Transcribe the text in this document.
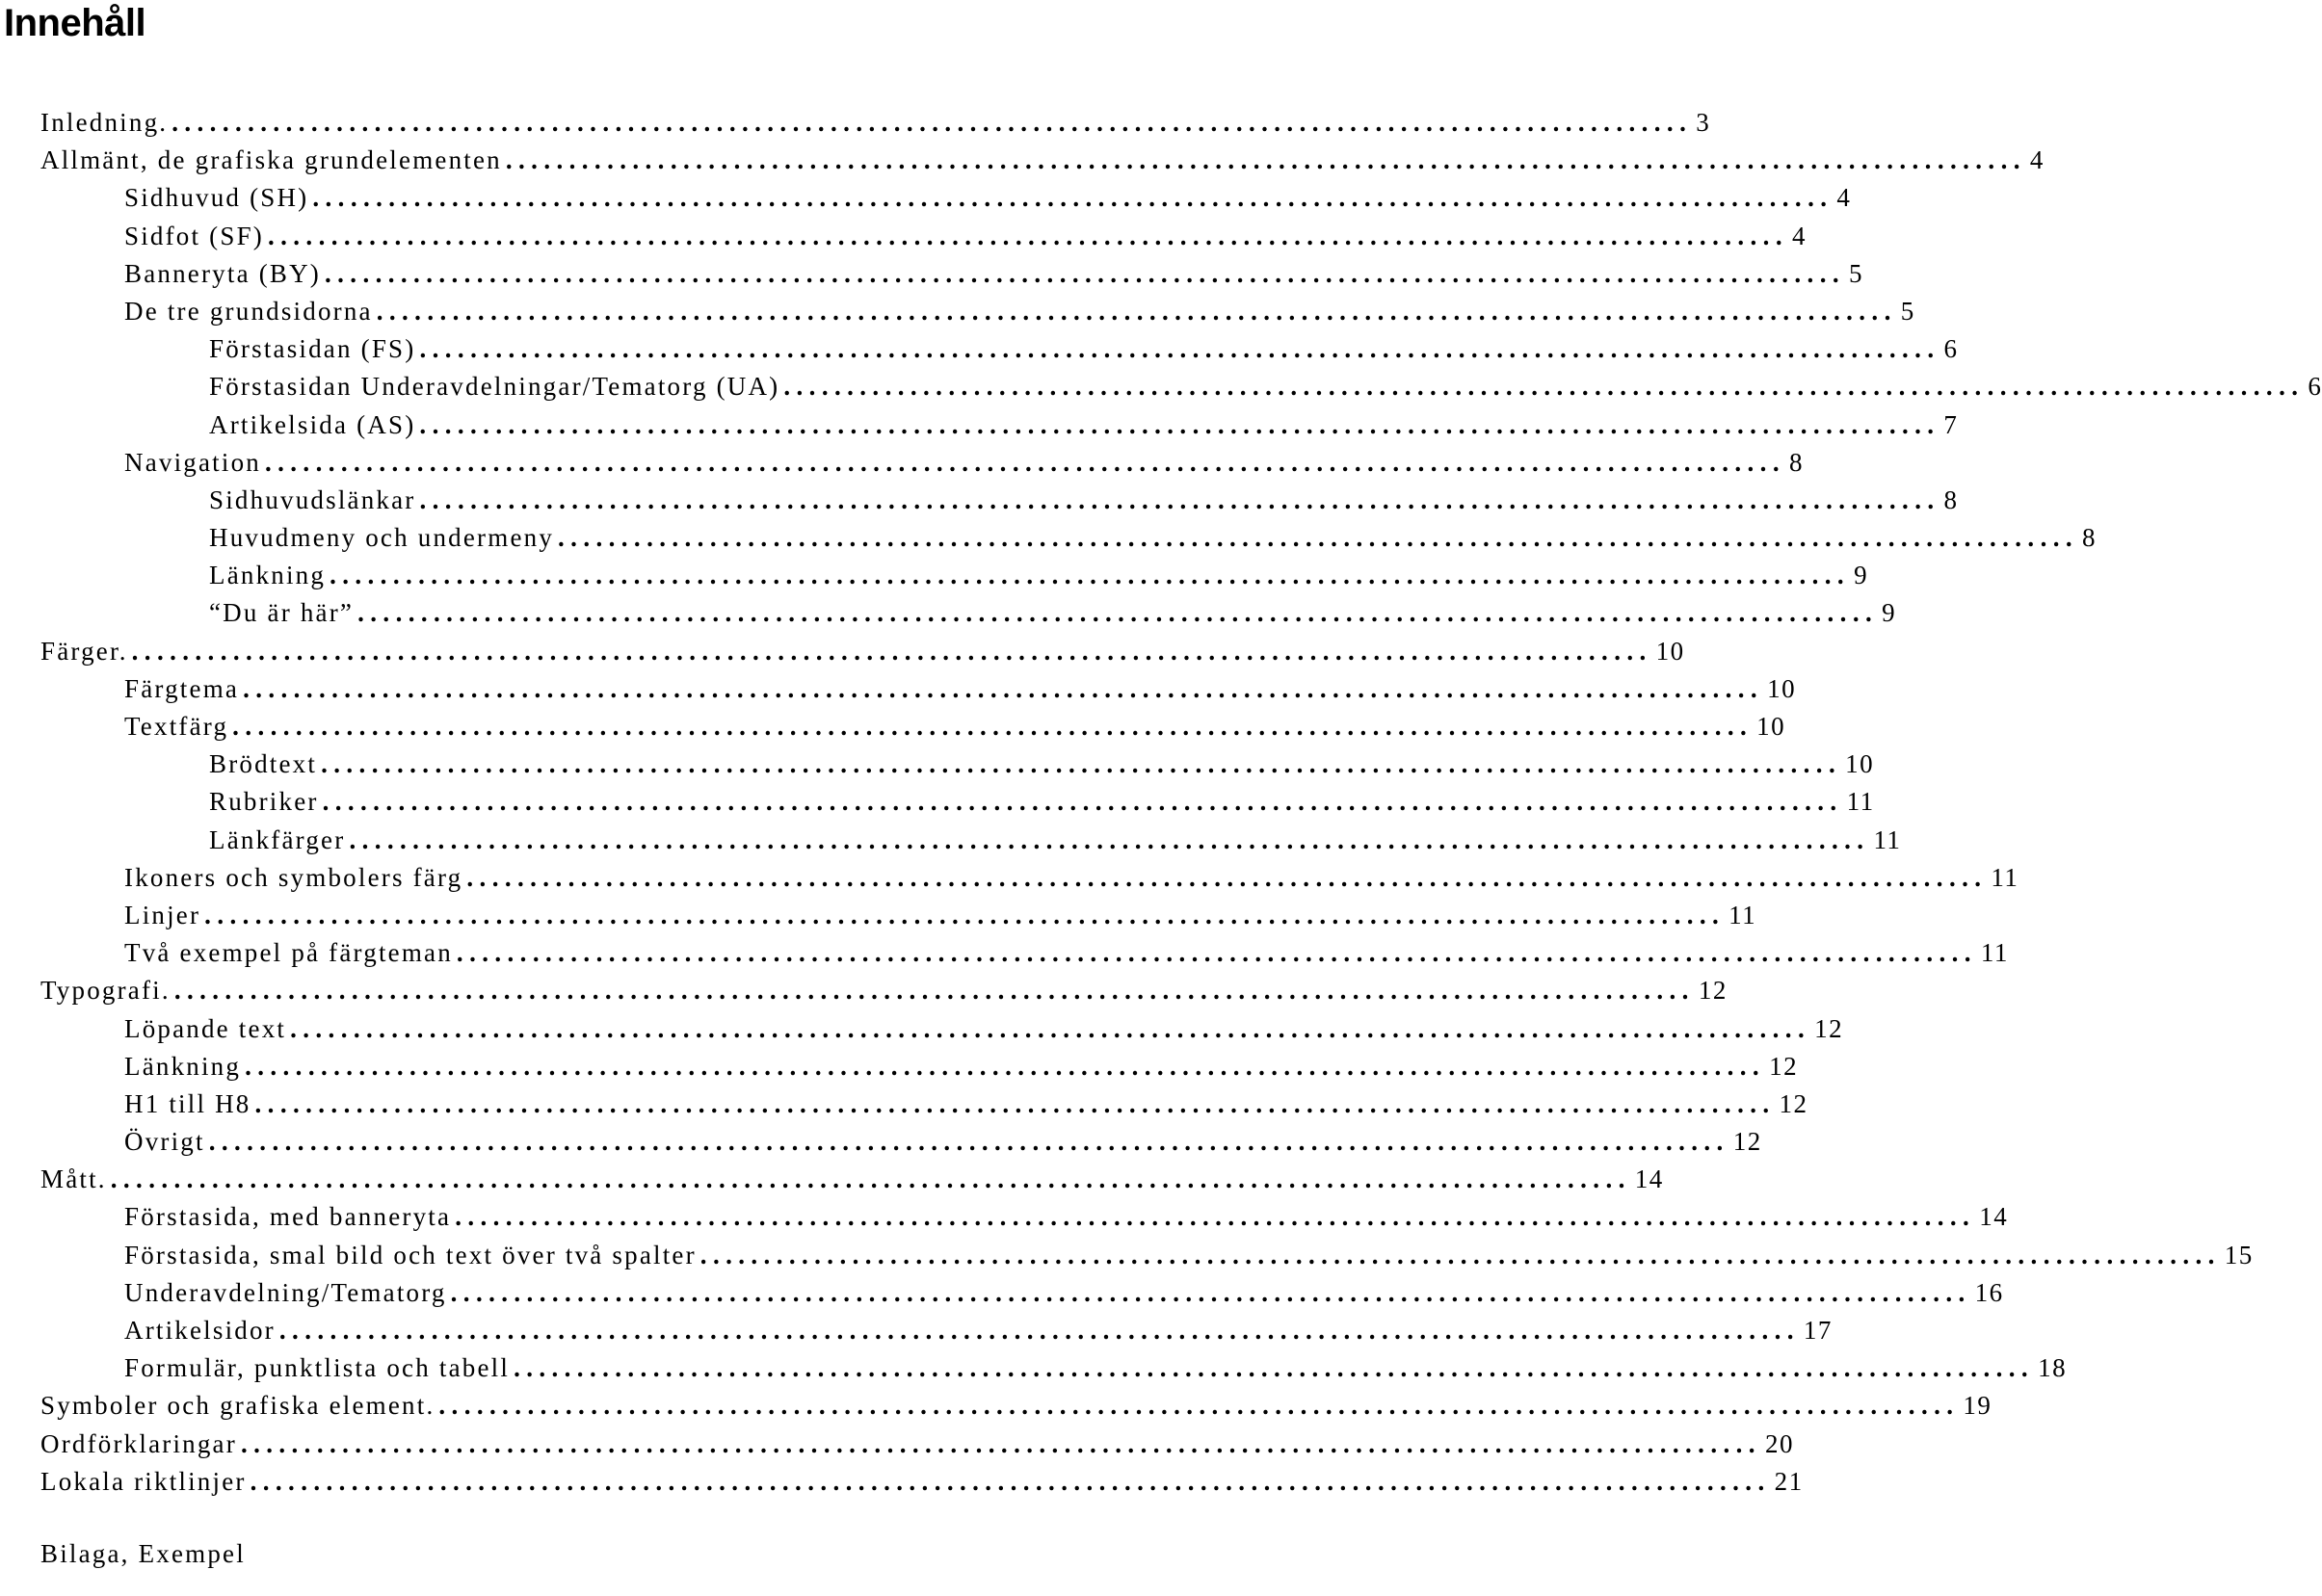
Innehåll
Inledning. ........................................................................................................................ 3
Allmänt, de grafiska grundelementen ........................................................................................................................ 4
Sidhuvud (SH) ........................................................................................................................ 4
Sidfot (SF) ........................................................................................................................ 4
Banneryta (BY) ........................................................................................................................ 5
De tre grundsidorna ........................................................................................................................ 5
Förstasidan (FS) ........................................................................................................................ 6
Förstasidan Underavdelningar/Tematorg (UA) ........................................................................................................................ 6
Artikelsida (AS) ........................................................................................................................ 7
Navigation ........................................................................................................................ 8
Sidhuvudslänkar ........................................................................................................................ 8
Huvudmeny och undermeny ........................................................................................................................ 8
Länkning ........................................................................................................................ 9
“Du är här” ........................................................................................................................ 9
Färger. ........................................................................................................................ 10
Färgtema ........................................................................................................................ 10
Textfärg ........................................................................................................................ 10
Brödtext ........................................................................................................................ 10
Rubriker ........................................................................................................................ 11
Länkfärger ........................................................................................................................ 11
Ikoners och symbolers färg ........................................................................................................................ 11
Linjer ........................................................................................................................ 11
Två exempel på färgteman ........................................................................................................................ 11
Typografi. ........................................................................................................................ 12
Löpande text ........................................................................................................................ 12
Länkning ........................................................................................................................ 12
H1 till H8 ........................................................................................................................ 12
Övrigt ........................................................................................................................ 12
Mått. ........................................................................................................................ 14
Förstasida, med banneryta ........................................................................................................................ 14
Förstasida, smal bild och text över två spalter ........................................................................................................................ 15
Underavdelning/Tematorg ........................................................................................................................ 16
Artikelsidor ........................................................................................................................ 17
Formulär, punktlista och tabell ........................................................................................................................ 18
Symboler och grafiska element. ........................................................................................................................ 19
Ordförklaringar ........................................................................................................................ 20
Lokala riktlinjer ........................................................................................................................ 21
Bilaga, Exempel
